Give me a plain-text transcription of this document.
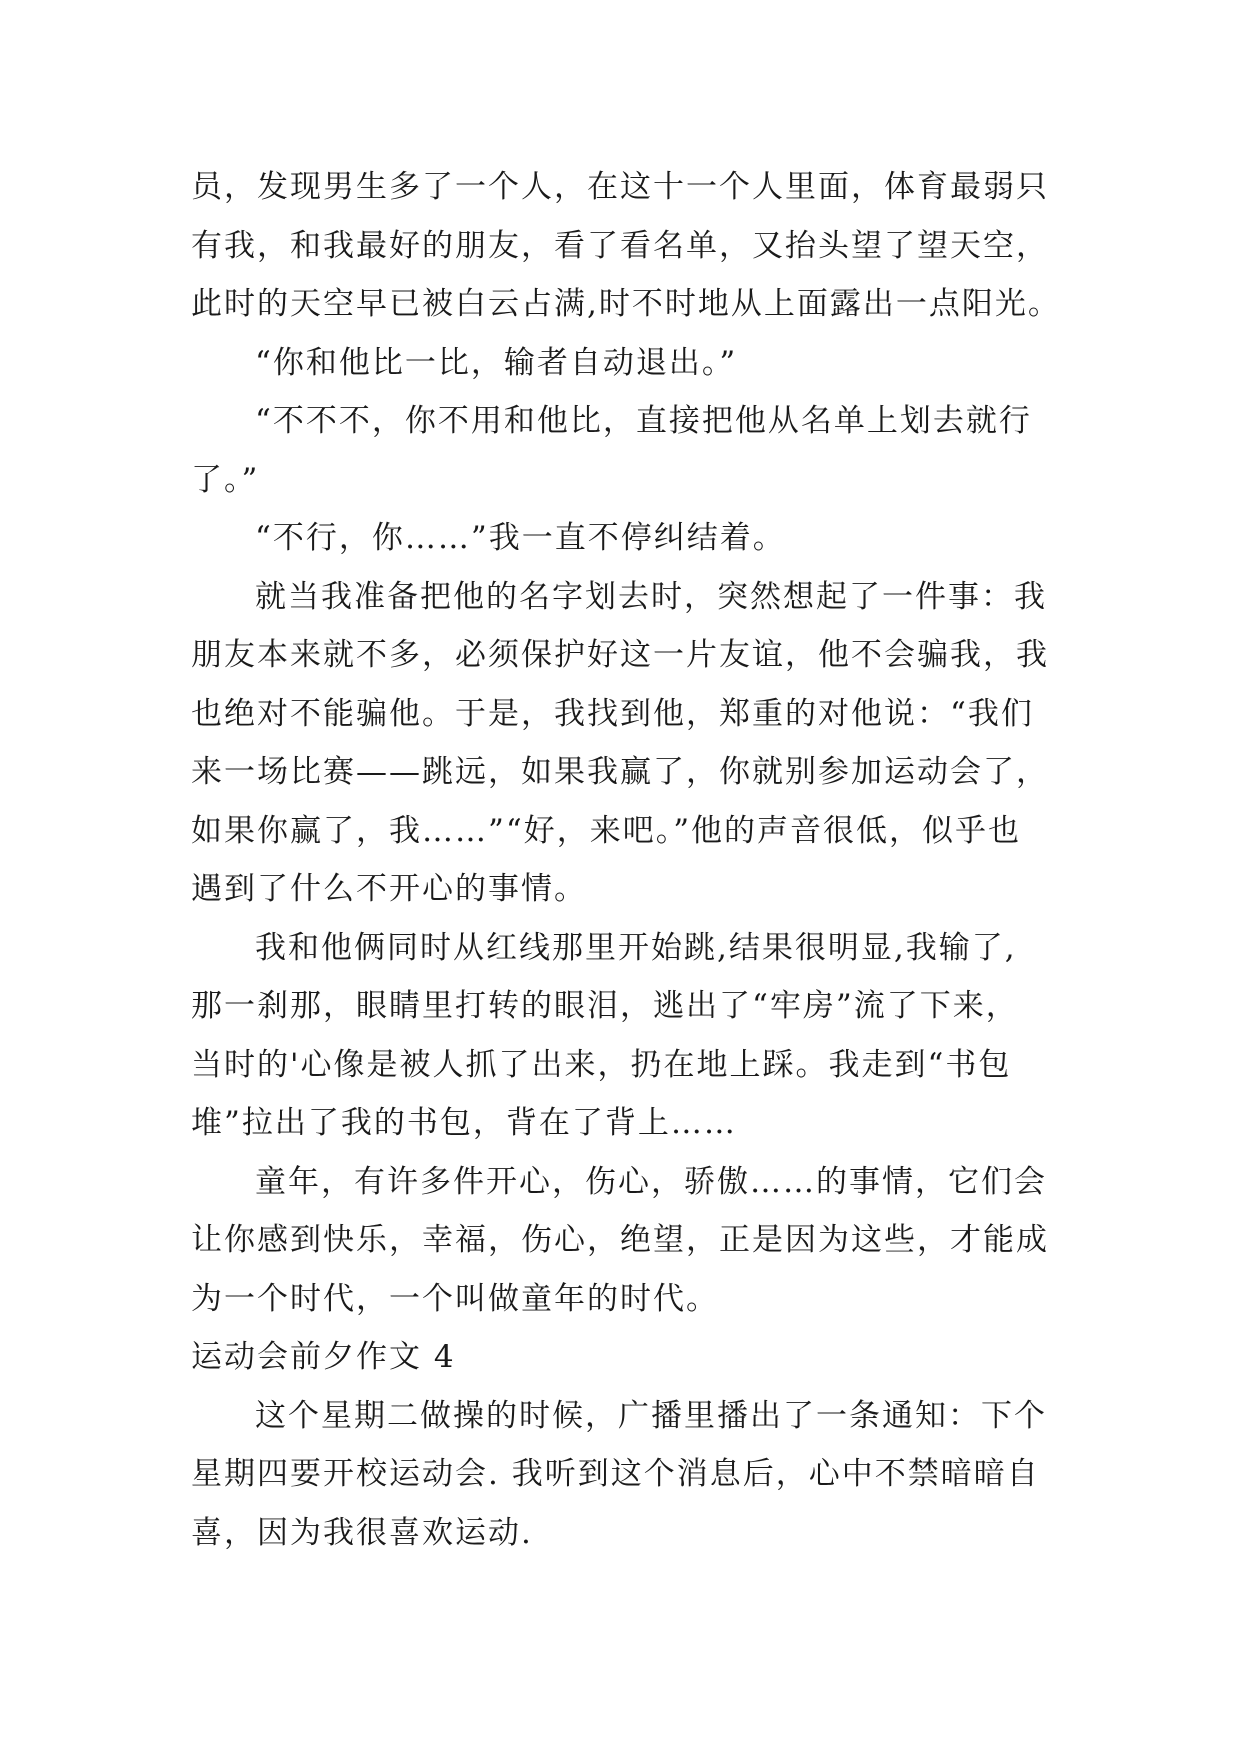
员，发现男生多了一个人，在这十一个人里面，体育最弱只
有我，和我最好的朋友，看了看名单，又抬头望了望天空，
此时的天空早已被白云占满,时不时地从上面露出一点阳光。

“你和他比一比，输者自动退出。”

“不不不，你不用和他比，直接把他从名单上划去就行
了。”

“不行，你……”我一直不停纠结着。

就当我准备把他的名字划去时，突然想起了一件事：我
朋友本来就不多，必须保护好这一片友谊，他不会骗我，我
也绝对不能骗他。于是，我找到他，郑重的对他说：“我们
来一场比赛——跳远，如果我赢了，你就别参加运动会了，
如果你赢了，我……”“好，来吧。”他的声音很低，似乎也
遇到了什么不开心的事情。

我和他俩同时从红线那里开始跳,结果很明显,我输了,
那一刹那，眼睛里打转的眼泪，逃出了“牢房”流了下来，
当时的'心像是被人抓了出来，扔在地上踩。我走到“书包
堆”拉出了我的书包，背在了背上……

童年，有许多件开心，伤心，骄傲……的事情，它们会
让你感到快乐，幸福，伤心，绝望，正是因为这些，才能成
为一个时代，一个叫做童年的时代。

运动会前夕作文 4

这个星期二做操的时候，广播里播出了一条通知：下个
星期四要开校运动会. 我听到这个消息后，心中不禁暗暗自
喜，因为我很喜欢运动.
